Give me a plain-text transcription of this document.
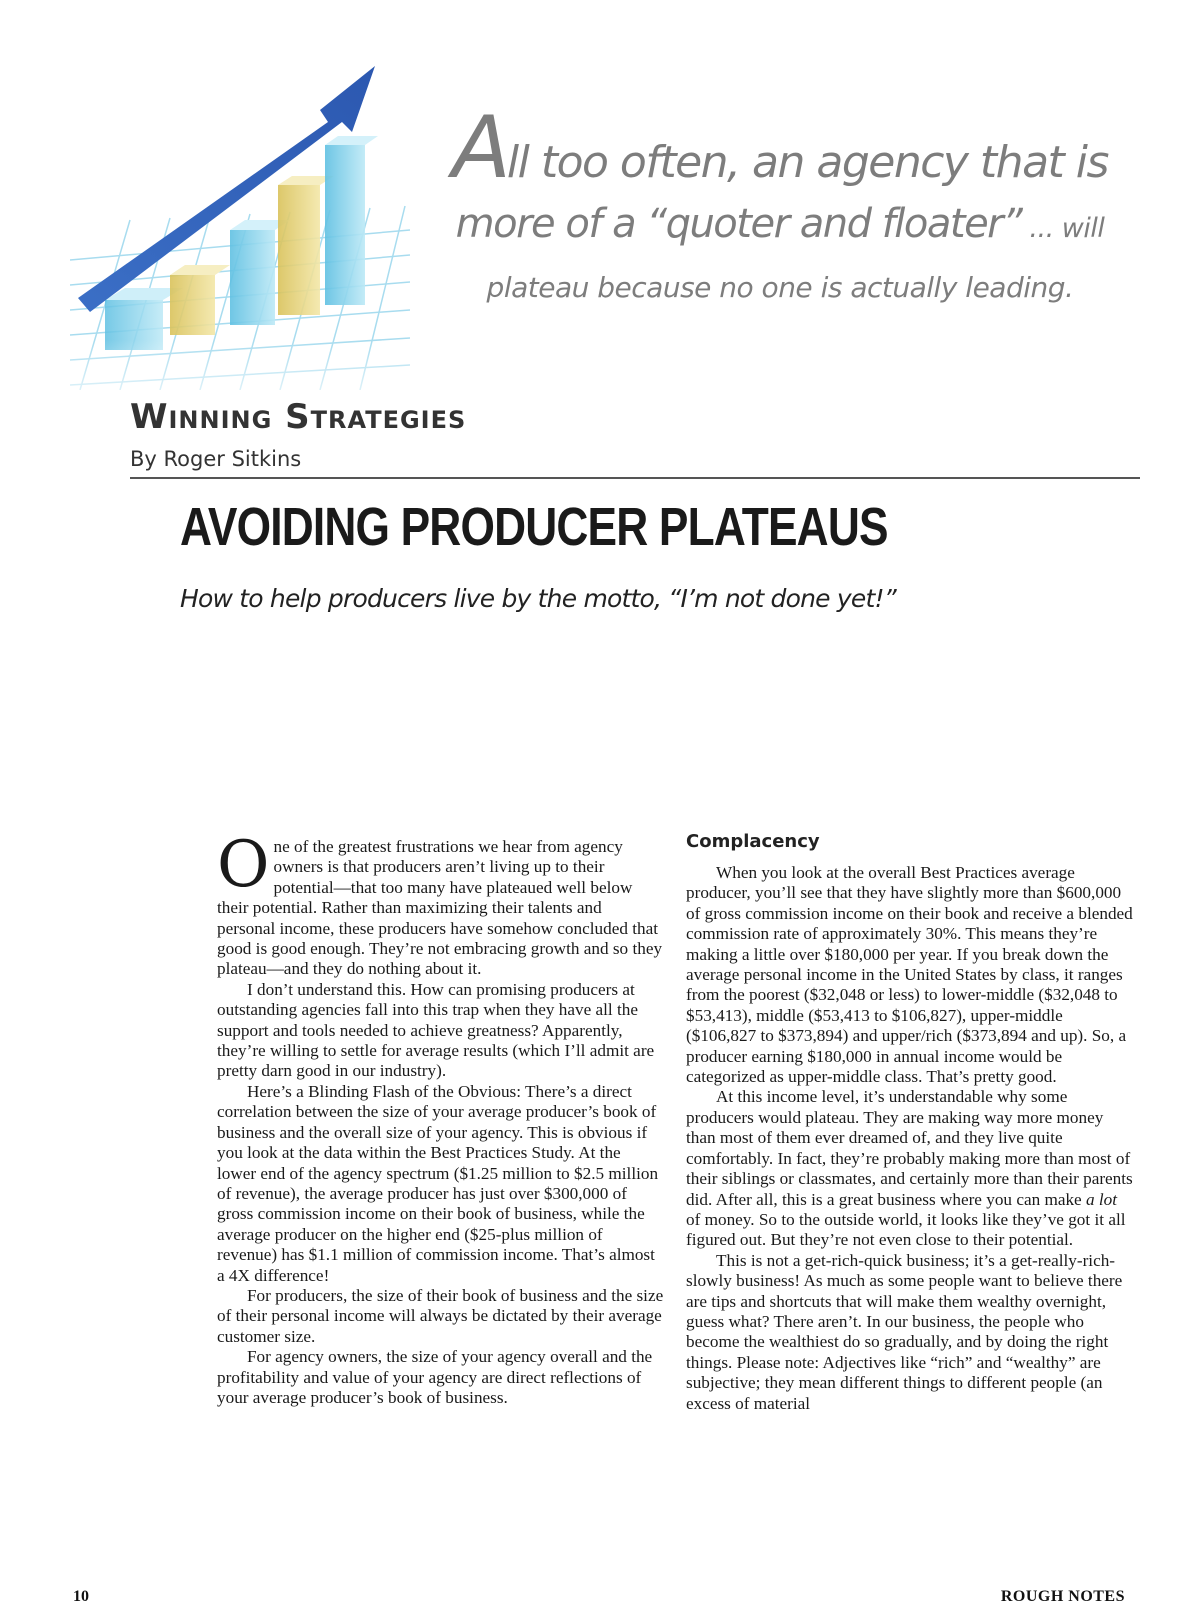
All too often, an agency that is
more of a “quoter and floater” ... will
plateau because no one is actually leading.
Winning Strategies
By Roger Sitkins
AVOIDING PRODUCER PLATEAUS

How to help producers live by the motto, “I’m not done yet!”

One of the greatest frustrations we hear from agency owners is that producers aren’t living up to their potential—that too many have plateaued well below their potential. Rather than maximizing their talents and personal income, these producers have somehow concluded that good is good enough. They’re not embracing growth and so they plateau—and they do nothing about it.

I don’t understand this. How can promising producers at outstanding agencies fall into this trap when they have all the support and tools needed to achieve greatness? Apparently, they’re willing to settle for average results (which I’ll admit are pretty darn good in our industry).

Here’s a Blinding Flash of the Obvious: There’s a direct correlation between the size of your average producer’s book of business and the overall size of your agency. This is obvious if you look at the data within the Best Practices Study. At the lower end of the agency spectrum ($1.25 million to $2.5 million of revenue), the average producer has just over $300,000 of gross commission income on their book of business, while the average producer on the higher end ($25-plus million of revenue) has $1.1 million of commission income. That’s almost a 4X difference!

For producers, the size of their book of business and the size of their personal income will always be dictated by their average customer size.

For agency owners, the size of your agency overall and the profitability and value of your agency are direct reflections of your average producer’s book of business.

Complacency

When you look at the overall Best Practices average producer, you’ll see that they have slightly more than $600,000 of gross commission income on their book and receive a blended commission rate of approximately 30%. This means they’re making a little over $180,000 per year. If you break down the average personal income in the United States by class, it ranges from the poorest ($32,048 or less) to lower-middle ($32,048 to $53,413), middle ($53,413 to $106,827), upper-middle ($106,827 to $373,894) and upper/rich ($373,894 and up). So, a producer earning $180,000 in annual income would be categorized as upper-middle class. That’s pretty good.

At this income level, it’s understandable why some producers would plateau. They are making way more money than most of them ever dreamed of, and they live quite comfortably. In fact, they’re probably making more than most of their siblings or classmates, and certainly more than their parents did. After all, this is a great business where you can make a lot of money. So to the outside world, it looks like they’ve got it all figured out. But they’re not even close to their potential.

This is not a get-rich-quick business; it’s a get-really-rich-slowly business! As much as some people want to believe there are tips and shortcuts that will make them wealthy overnight, guess what? There aren’t. In our business, the people who become the wealthiest do so gradually, and by doing the right things. Please note: Adjectives like “rich” and “wealthy” are subjective; they mean different things to different people (an excess of material

10	ROUGH NOTES
